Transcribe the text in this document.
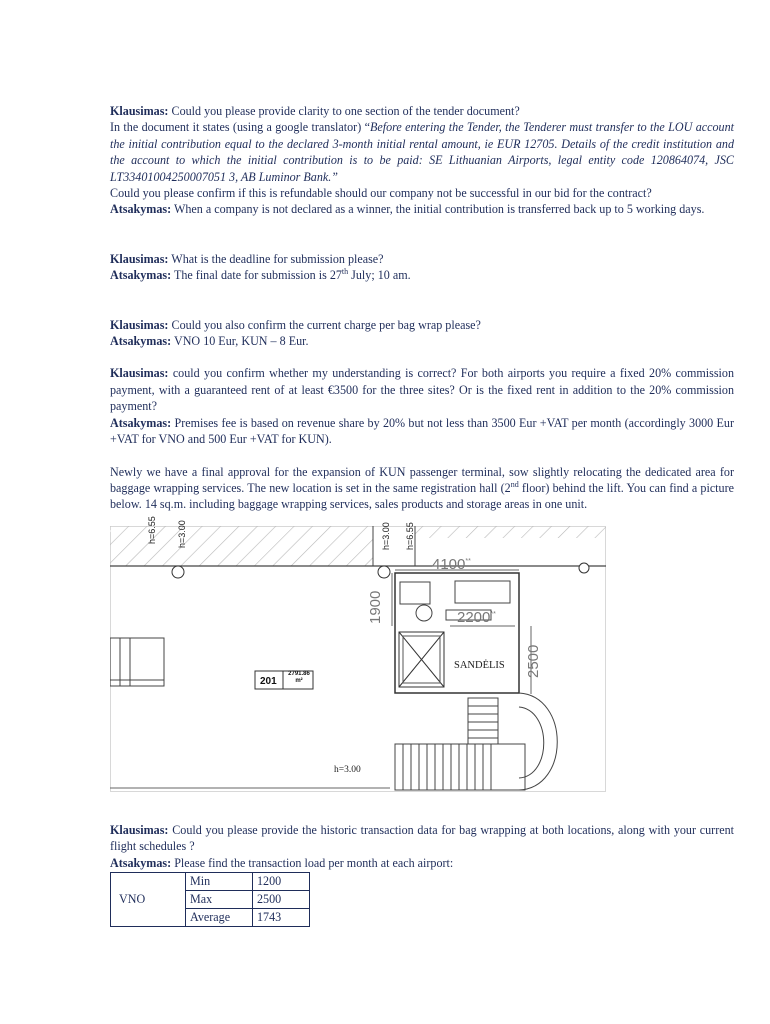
Klausimas: Could you please provide clarity to one section of the tender document?
In the document it states (using a google translator) “Before entering the Tender, the Tenderer must transfer to the LOU account the initial contribution equal to the declared 3-month initial rental amount, ie EUR 12705. Details of the credit institution and the account to which the initial contribution is to be paid: SE Lithuanian Airports, legal entity code 120864074, JSC LT33401004250007051 3, AB Luminor Bank.”
Could you please confirm if this is refundable should our company not be successful in our bid for the contract?
Atsakymas: When a company is not declared as a winner, the initial contribution is transferred back up to 5 working days.

Klausimas: What is the deadline for submission please?
Atsakymas: The final date for submission is 27th July; 10 am.

Klausimas: Could you also confirm the current charge per bag wrap please?
Atsakymas: VNO 10 Eur, KUN – 8 Eur.

Klausimas: could you confirm whether my understanding is correct? For both airports you require a fixed 20% commission payment, with a guaranteed rent of at least €3500 for the three sites? Or is the fixed rent in addition to the 20% commission payment?
Atsakymas: Premises fee is based on revenue share by 20% but not less than 3500 Eur +VAT per month (accordingly 3000 Eur +VAT for VNO and 500 Eur +VAT for KUN).

Newly we have a final approval for the expansion of KUN passenger terminal, sow slightly relocating the dedicated area for baggage wrapping services. The new location is set in the same registration hall (2nd floor) behind the lift. You can find a picture below. 14 sq.m. including baggage wrapping services, sales products and storage areas in one unit.

h=6.55	h=3.00	h=3.00	h=6.55
4100**
2200**
1900
2500
SANDĖLIS
201
2791.86
m²
h=3.00

Klausimas: Could you please provide the historic transaction data for bag wrapping at both locations, along with your current flight schedules ?
Atsakymas: Please find the transaction load per month at each airport:

VNO	Min	1200
	Max	2500
	Average	1743
